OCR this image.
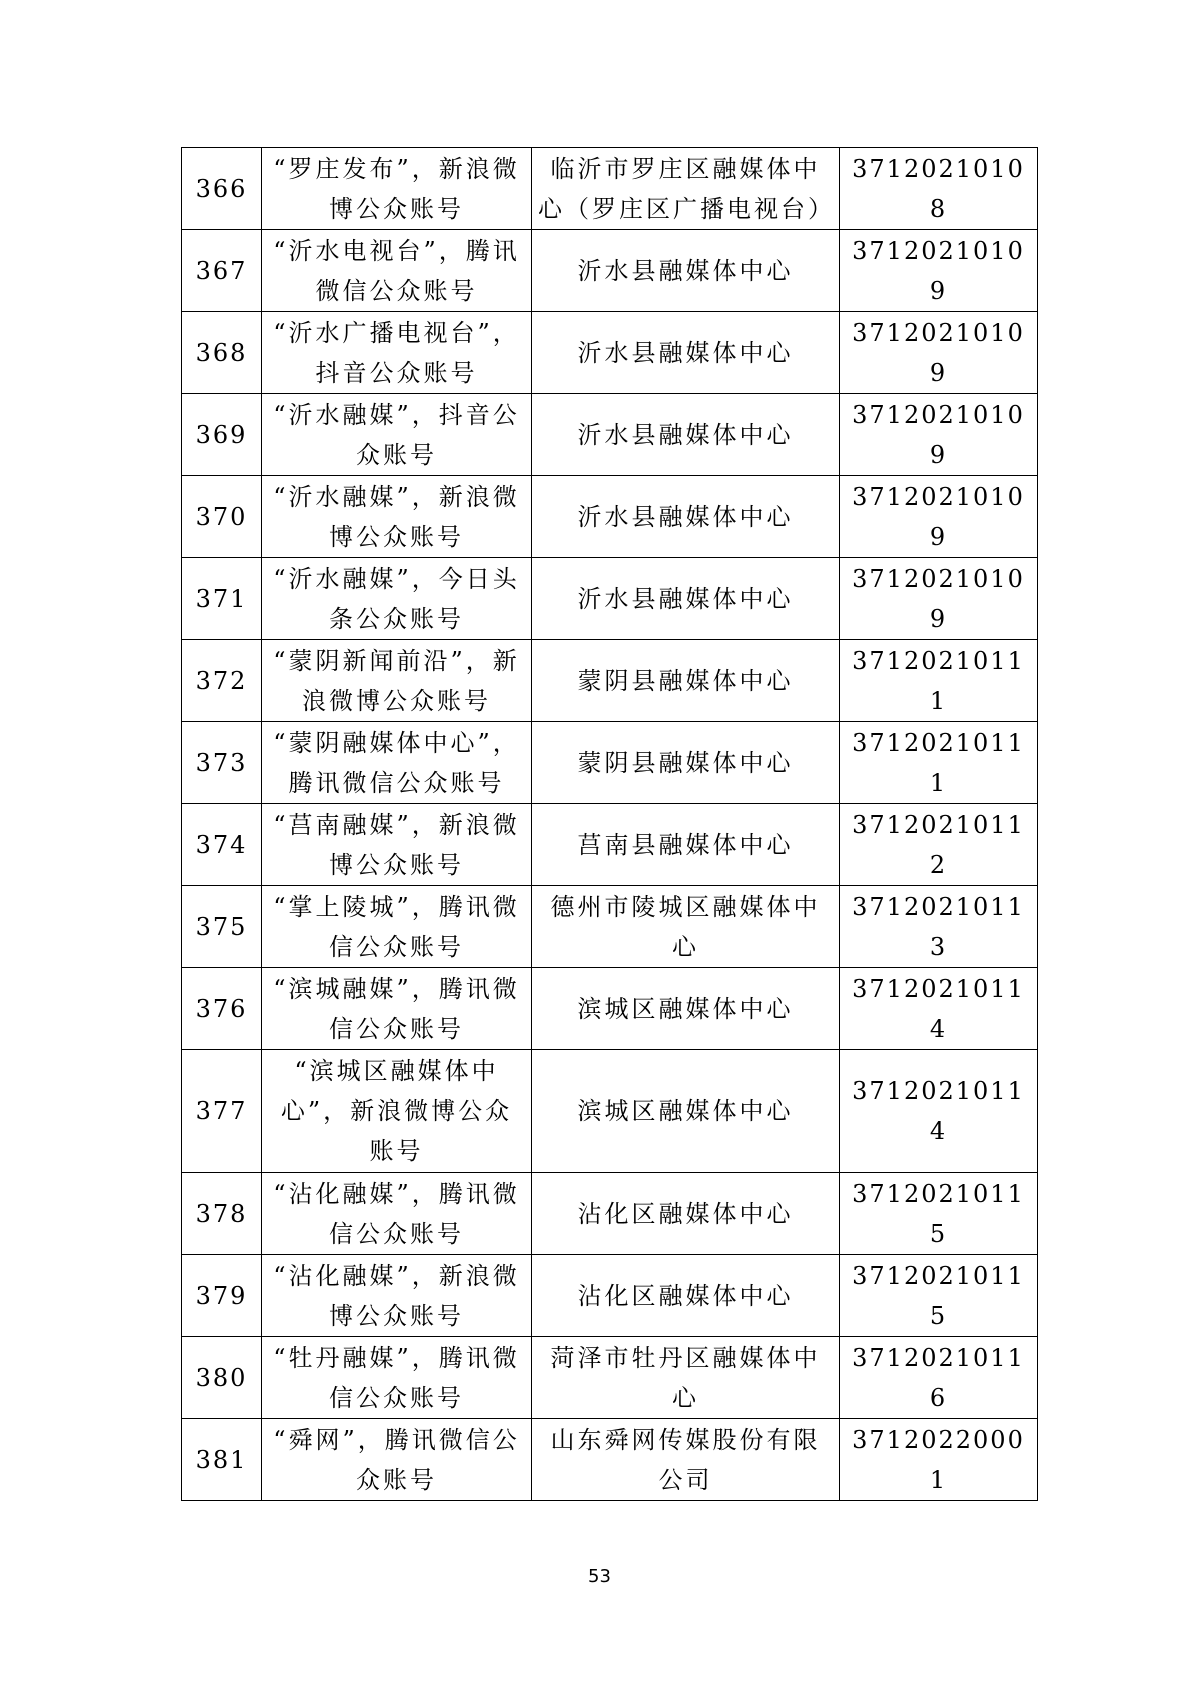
366	“罗庄发布”，新浪微博公众账号	临沂市罗庄区融媒体中心（罗庄区广播电视台）	37120210108
367	“沂水电视台”，腾讯微信公众账号	沂水县融媒体中心	37120210109
368	“沂水广播电视台”，抖音公众账号	沂水县融媒体中心	37120210109
369	“沂水融媒”，抖音公众账号	沂水县融媒体中心	37120210109
370	“沂水融媒”，新浪微博公众账号	沂水县融媒体中心	37120210109
371	“沂水融媒”，今日头条公众账号	沂水县融媒体中心	37120210109
372	“蒙阴新闻前沿”，新浪微博公众账号	蒙阴县融媒体中心	37120210111
373	“蒙阴融媒体中心”，腾讯微信公众账号	蒙阴县融媒体中心	37120210111
374	“莒南融媒”，新浪微博公众账号	莒南县融媒体中心	37120210112
375	“掌上陵城”，腾讯微信公众账号	德州市陵城区融媒体中心	37120210113
376	“滨城融媒”，腾讯微信公众账号	滨城区融媒体中心	37120210114
377	“滨城区融媒体中心”，新浪微博公众账号	滨城区融媒体中心	37120210114
378	“沾化融媒”，腾讯微信公众账号	沾化区融媒体中心	37120210115
379	“沾化融媒”，新浪微博公众账号	沾化区融媒体中心	37120210115
380	“牡丹融媒”，腾讯微信公众账号	菏泽市牡丹区融媒体中心	37120210116
381	“舜网”，腾讯微信公众账号	山东舜网传媒股份有限公司	37120220001
53
